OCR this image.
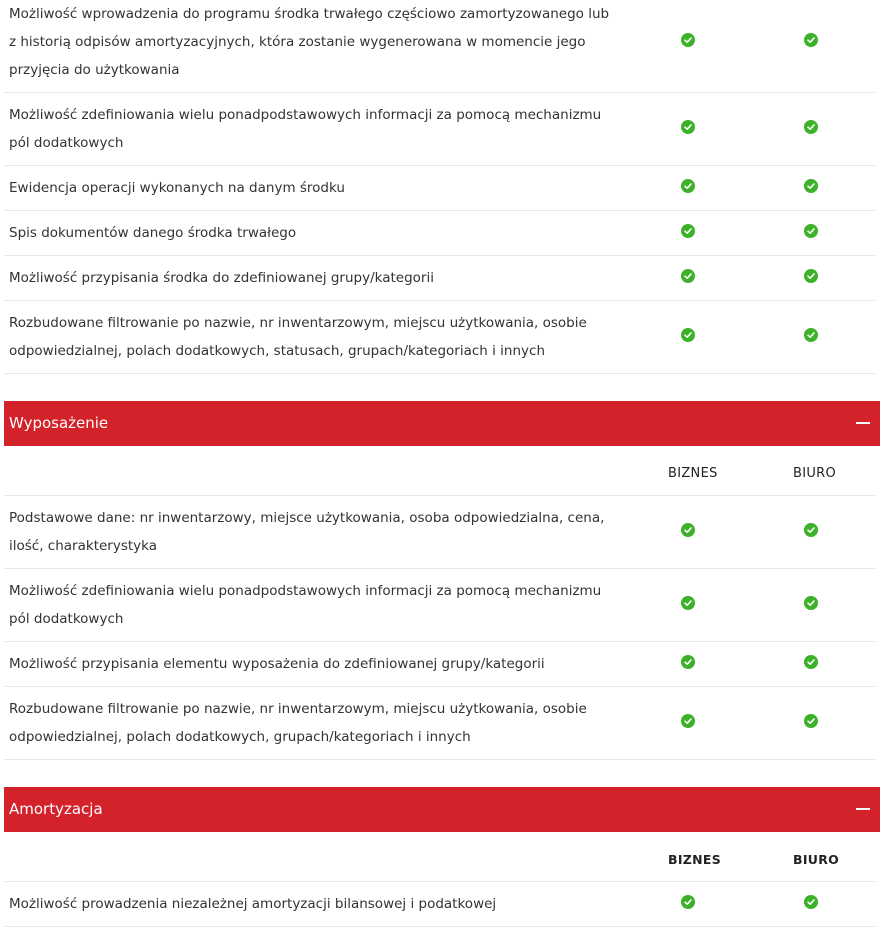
Możliwość wprowadzenia do programu środka trwałego częściowo zamortyzowanego lub z historią odpisów amortyzacyjnych, która zostanie wygenerowana w momencie jego przyjęcia do użytkowania
Możliwość zdefiniowania wielu ponadpodstawowych informacji za pomocą mechanizmu pól dodatkowych
Ewidencja operacji wykonanych na danym środku
Spis dokumentów danego środka trwałego
Możliwość przypisania środka do zdefiniowanej grupy/kategorii
Rozbudowane filtrowanie po nazwie, nr inwentarzowym, miejscu użytkowania, osobie odpowiedzialnej, polach dodatkowych, statusach, grupach/kategoriach i innych
Wyposażenie
BIZNES	BIURO
Podstawowe dane: nr inwentarzowy, miejsce użytkowania, osoba odpowiedzialna, cena, ilość, charakterystyka
Możliwość zdefiniowania wielu ponadpodstawowych informacji za pomocą mechanizmu pól dodatkowych
Możliwość przypisania elementu wyposażenia do zdefiniowanej grupy/kategorii
Rozbudowane filtrowanie po nazwie, nr inwentarzowym, miejscu użytkowania, osobie odpowiedzialnej, polach dodatkowych, grupach/kategoriach i innych
Amortyzacja
BIZNES	BIURO
Możliwość prowadzenia niezależnej amortyzacji bilansowej i podatkowej
